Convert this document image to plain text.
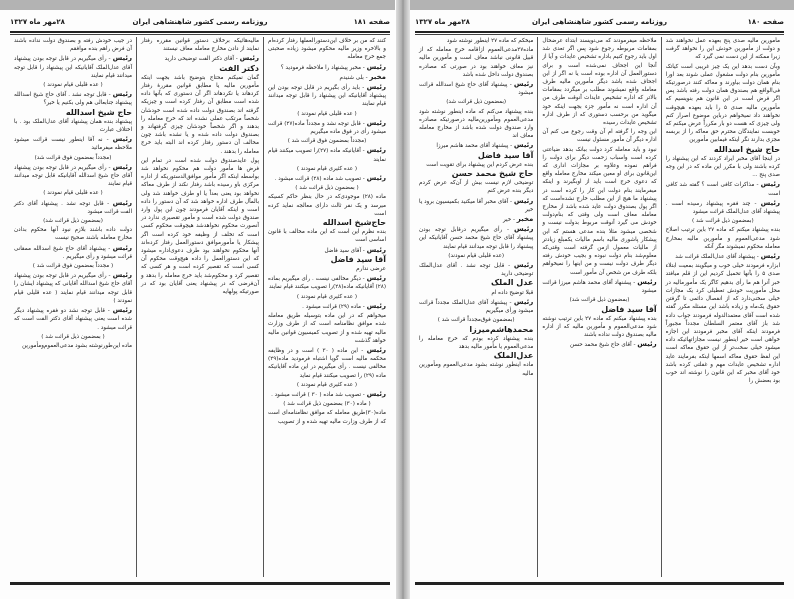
صفحه ۱۸۱
روزنامه رسمی کشور شاهنشاهی ایران
۲۸مهر ماه ۱۳۲۷

کنند که من بر خلاف این‌دستورالعملها رفتار کرده‌ام و بالاخره وزیر مالیه محکوم میشود زیاده صحبتی جمع خرج معامله

رئیس - مخبر پیشنهاد را ملاحظه فرمودید ؟

مخبر - بلی شنیدم

رئیس - باید رأی بگیریم در قابل توجه بودن این پیشنهاد آقایانیکه این پیشنهاد را قابل توجه میدانند قیام نمایند

( عده قلیلی قیام نمودند )

رئیس - قابل توجه نشد و مجدداً ماده(۲۷) قرائت میشود رأی در فوق ماده میگیریم

(مجدداً بمضمون فوق قرائت شد )

رئیس - آقایانیکه ماده (۲۷)را تصویب میکنند قیام نمایند

( عده کثیری قیام نمودند )

رئیس - تصویب شد ماده (۲۸) قرائت میشود .

( بمضمون ذیل قرائت شد )

ماده (۲۸) موجودی‌که در حال بنظر حاکم کسیکه میرسد و یک نفر ثالث دارای معالجه نماید کرده است

حاج‌شیخ اسدالله

بنده نظرم این است که این ماده مخالف با قانون اساسی است

رئیس - آقای سید فاضل

آقا سید فاضل

عرضی ندارم

رئیس - دیگر مخالفی نیست . رأی میگیریم بماده (۲۸) آقایانیکه ماده(۲۸)را تصویب میکنند قیام نمایند

( عده کثیری قیام نمودند )

رئیس - ماده (۲۹) قرائت میشود .

میخواهم که در این ماده بتوسیله طریق معامله شده موافق نظامنامه است که از طرف وزارت مالیه تهیه شده و از تصویب کمیسیون قوانین مالیه خواهد گذشت

رئیس - این ماده ( ۳۰ ) است و در وظایفه محکمه مالیه است گویا اشتباه فرمودید ماده(۲۹) مخالفی نیست . رأی میگیریم در این ماده آقایانیکه ماده (۲۹) را تصویب میکنند قیام نماید

( عده کثیری قیام نمودند )

رئیس - تصویب شد ماده ( ۳۰ ) قرائت میشود .

( ماده (۳۰) بمضمون ذیل قرائت شد )

ماده(۳۰)طریق معامله که موافق نظامنامه‌ای است که از طرف وزارت مالیه تهیه شده و از تصویب

مالیه‌هائیکه برخلاف دستور قوانین مقرره رفتار نمایند از دادن مخارج معامله معاف نیستند

رئیس - آقای دکتر الفت توضیحی دارید

دکتر الفت

گمان نمیکنم محتاج بتوضیح باشد بجهت اینکه مأمورین مالیه یا مطابق قوانین مقررهٔ رفتار کردهاند یا نکردهاند اگر آن دستوری که بآنها داده شده است مطابق آن رفتار کرده است و چیزیکه گرفته اند بصندوق دولت داده شده است خودشان شخصاً مرتکب عملی نشده اند که خرج معامله را بدهند و اگر شخصاً خودشان چیزی گرفتهاند و بصندوق دولت داده شده و یا نشده باشد چون مخالف آن دستور رفتار کرده اند البته باید خرج معامله را بدهند .

پول عایدصندوق دولت شده است در تمام این فرض ها مأمور دولت هم محکوم نخواهد شد بواسطه اینکه اگر مأمور موافق‌الدستوریکه از اداره مرکزی باو رسیده باشد رفتار نکند از طرف معاکه نخواهد بود یعنی بعداً یا او طرف خواهند شد ولی بالمآل طرف اداره خواهد شد که آن دستور را داده است و اینکه آقایان فرمودند چون این پول وارد صندوق دولت شده است و مأمور تقصیری ندارد در آنصورت محکوم نخواهدشد هیچوقت محکوم کسی است که تخلف از وظیفه خود کرده است اگر پیشکار یا مأمورموافق دستورالعمل رفتار کرده‌اند آنها محکوم نخواهند بود طرف دعوی‌اداره میشود که این دستورالعمل را داده هیچ‌وقت محکوم آن کسی است که تقصیر کرده است و هر کسی که تقصیر کرد و محکوم‌شد باید خرج معامله را بدهد و آن‌فرضی که در پیشنهاد یعنی آقایان بود که در صورتیکه پولهایه

در جیب خودش رفته و بصندوق دولت نداده باشند آن فرض راهم بنده موافقم

رئیس - رأی میگیریم در قابل توجه بودن پیشنهاد آقای عدل‌الملک آقایانیکه این پیشنهاد را قابل توجه میدانند قیام نمایند

( عده قلیلی قیام نمودند )

رئیس - قابل توجه نشد . آقای حاج شیخ اسدالله پیشنهاد جنابعالی هم ولی بکنیم یا خیر؟

حاج شیخ اسدالله

پیشنهاد بنده همان پیشنهاد آقای عدل‌الملک بود . با اختلاف عبارت

رئیس - نه آقا اینطور نیست قرائت میشود ملاحظه میفرمائید

(مجدداً بمضمون فوق قرائت شد)

رئیس - رأی میگیریم در قابل توجه بودن پیشنهاد آقای حاج شیخ اسدالله آقایانیکه قابل توجه میدانند قیام نمایند

( عده قلیلی قیام نمودند )

رئیس - قابل توجه نشد . پیشنهاد آقای دکتر الفت قرائت میشود

(بمضمون ذیل قرائت شد)

دولت داده باشند بلازم نبود آنها محکوم بدادن مخارج معامله باشند صحیح نیست

رئیس - پیشنهاد آقای حاج شیخ اسدالله ممقانی قرائت میشود و رأی میگیریم .

( مجدداً بمضمون فوق قرائت شد )

رئیس - رأی میگیریم در قابل توجه بودن پیشنهاد آقای حاج شیخ اسدالله آقایانی که پیشنهاد ایشان را قابل توجه میدانند قیام نمایند ( عده قلیلی قیام نمودند )

رئیس - قابل توجه نشد دو فقره پیشنهاد دیگر شده است یعنی پیشنهاد آقای دکتر الفت است که قرائت میشود .

( بمضمون ذیل قرائت شد )

ماده این‌طورنوشته بشود مدعی‌العموم‌ومأمورین

صفحه ۱۸۰
روزنامه رسمی کشور شاهنشاهی ایران
۲۸مهر ماه ۱۳۲۷

مأمورین مالیه صدی پنج بعهده عمل نخواهند شد و دولت از مأمورین خودش این را نخواهد گرفت زیرا ممکنه از این دست نمی گیرد که

وبآن دست بدهد این یک چیز غریبی است کیاتک مأمورین بنام دولت مشغول عملی شوند بعد اورا بنام همان دولت بیاورند و معاکه کنند درصورتیکه فی‌الواقع هم بصندوق همان دولت رفته باشد پس اگر فرض است در این قانون هم بنویسیم که مأمورین مالیه صدی ۵ را باید بعهده هیچوقت نخواهند داد نمیخواهم درباین موضوع اصرار کنم ولی چیزی که هست دو بار مکرراً عرض میکنم که خوبست نمایندگان محترم حق معاکه را از بربسه مجزی بدارند نگر اینکه فیمابین مأمورین

حاج شیخ اسدالله

در اینجا آقای مخبر ایراد کردند که این پیشنهاد را کرده باشند ولی با مکرر این ماده که در این وجه صدی پنج ...

رئیس - مذاکرات کافی است ؟ گفته شد کافی است

رئیس - چند فقره پیشنهاد رسیده است . پیشنهاد آقای عدل‌الملک قرائت میشود

(بمضمون ذیل قرائت شد )

بنده پیشنهاد میکنم که ماده ۲۷ باین ترتیب اصلاح شود مدعی‌العموم و مأمورین مالیه بمخارج معامله محکوم نمیشوند مگر آنکه

رئیس - پیشنهاد آقای عدل‌الملک قرائت شد

ابزاره فرمودند خیلی خوب و میگویند بمعیت ابتلاء صدی ۵ را بآنها تحمیل کردیم این از قلم میافتد خبر آنرا هم ما رأی بدهیم کاگر یک مأمورمالیه در محل مأموریت خودش تعطیلی کرد یک مجازات خیلی سخنی‌دارد که از انفصال دائمی تا گرفتن حقوق یک‌ماه و زیاده باشد این مسئله مکرر گفته شده است آقای معتمدالدوله فرمودند جواب داده شد باز آقای معتمر السلطان مجدداً مجبوراً فرمودند اینکه آقای مخبر فرمودند این اجازه خواهی است خیر اینطور نیست مجازاتهائیکه داده میشود خیلی سخت‌تر از این حقوق معاکه است این لفظ حقوق معاکه اسمها اینکه بفرمایند عاید اداره تشخیص عایدات مهم و غفلتی کرده باشد خود آقای مخبر که این قانون را نوشته اند خوب بود بعضش را

ملاحظه میفرمودند که می‌نویسند ابتداء عرضحال بمقامات مربوطه رجوع شود پس اگر تعدی شد اول باید رجوع کنیم باداره تشخیص عایدات و آیا از آنجا این اجحاف نمی‌شده است و برای دستورالعمل آن اداره بوده است یا نه اگر از این اجحاف شده باشد دیگر مأمورین مالیه طرف معامله واقع نمیشوند مطلب بر میگردد بمقامات بالاتر که اداره تشخیص عایدات آنوقت طرف من آن اداره است نه مأمور جزء بجهت اینکه خود میگوید من برحسب دستوری که از طرف اداره تشخیص عایدات رسیده

این وجه را گرفته ام آن وقت رجوع می کنم آن اداره دیگر آن مأمور مسئول نیست

نبود و باید معامله کرد دولت ببانک بدهد ضیاعتی کرده است واسباب زحمت دیگر برای دولت را فراهم نموده وعلاوه بر مجازات اداری که این‌قانون برای او معین میکند مخارج معامله واقع که دعوی خرج است باید از اوبگیرند و اینکه میفرمایند بنام دولت این کار را کرده است در پیشنهاد ما هیچ از این مطلب خارج نشده‌است که اگر پول بصندوق دولت عاید شده باشد از مخارج معامله معاف است ولی وقتی که بنام‌دولت خودش می گیرد آنوقت مربوط بدولت نیست و شخصی میشود مثلا بنده مدعی هستم که این پیشکار پاشوری مالیه باسم مالیات یکمبلغ زیادتر از مالیات معمول ازمن گرفته است وقتی‌که معلوم‌شد بنام دولت نبوده و بجیب خودش رفته دیگر طرف دولت نیست و من اینها را نمیخواهم بلکه طرف من شخص آن مأمور است

رئیس - پیشنهاد آقای محمد هاشم میرزا قرائت میشود

(بمضمون ذیل قرائت شد)

آقا سید فاضل

بنده پیشنهاد میکنم که ماده ۲۷ باین ترتیب نوشته شود مدعی‌العموم و مأمورین مالیه که از اداره مالیه بصندوق دولت نداده باشند

رئیس - آقای حاج شیخ محمد حسن

میخکم که ماده ۲۷ اینطور نوشته شود

ماده۲۷مدعی‌العموم ازاقامه خرج معامله که از قبیل قانونی نباشد معاف است و مأمورین مالیه نیز معاف خواهند بود در صورتی که مصادره بصندوق دولت داخل شده باشد

رئیس - پیشنهاد آقای حاج شیخ اسدالله قرائت میشود

(بمضمون ذیل قرائت شد)

بنده پیشنهاد می‌کنم که ماده اینطور نوشته شود مدعی‌العموم ومأمورین‌مالیه درصورتیکه مصادره وارد صندوق دولت شده باشد از مخارج معامله معاف اند

رئیس - پیشنهاد آقای محمد هاشم میرزا

آقا سید فاضل

بنده عرض کردم این پیشنهاد برای تقویت است

حاج شیخ محمد حسن

توضیحی لازم نیست بیش از آن‌که عرض کردم دیگر بنده عرض کنم

رئیس - آقای مخبر آقا میکنید بکمیسیون برود یا خیر

مخبر - خیر

رئیس - رأی میگیریم درقابل توجه بودن پیشنهاد آقای حاج شیخ محمد حسن آقایانیکه این پیشنهاد را قابل توجه میدانند قیام نمایند

(عده قلیلی قیام نمودند)

رئیس - قابل توجه نشد . آقای عدل‌الملک توضیحی دارید

عدل الملک

قبلا توضیح داده ام

رئیس - پیشنهاد آقای عدل‌الملک مجدداً قرائت میشود ورأی میگیریم

(بمضمون فوق‌مجدداً قرائت شد )

محمدهاشم‌میرزا

بنده پیشنهاد کرده بودم که خرج معامله را مدعی‌العموم یا مأمور مالیه بدهد

عدل‌الملک

ماده اینطور نوشته بشود مدعی‌العموم ومأمورین مالیه
